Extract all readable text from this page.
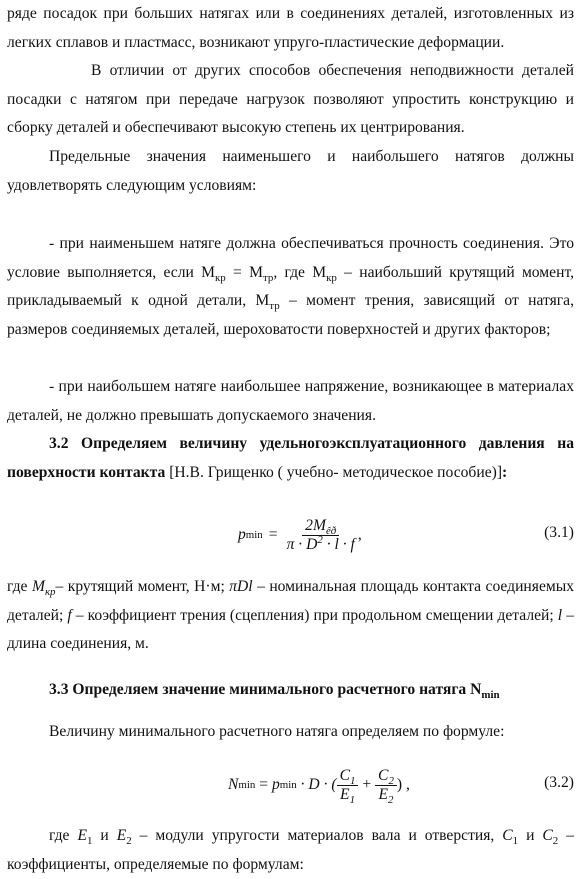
ряде посадок при больших натягах или в соединениях деталей, изготовленных из легких сплавов и пластмасс, возникают упруго-пластические деформации.

В отличии от других способов обеспечения неподвижности деталей посадки с натягом при передаче нагрузок позволяют упростить конструкцию и сборку деталей и обеспечивают высокую степень их центрирования.

Предельные значения наименьшего и наибольшего натягов должны удовлетворять следующим условиям:

- при наименьшем натяге должна обеспечиваться прочность соединения. Это условие выполняется, если $М_{кр} = М_{тр}$, где $М_{кр}$ – наибольший крутящий момент, прикладываемый к одной детали, $М_{тр}$ – момент трения, зависящий от натяга, размеров соединяемых деталей, шероховатости поверхностей и других факторов;

- при наибольшем натяге наибольшее напряжение, возникающее в материалах деталей, не должно превышать допускаемого значения.

3.2 Определяем величину удельногоэксплуатационного давления на поверхности контакта [Н.В. Грищенко ( учебно- методическое пособие)]:

p $\min = \frac{2M_{êð}}{\pi \cdot D^2 \cdot l \cdot f}$ ,	(3.1)

где $M_{кр}-$ крутящий момент, Н·м; πDl – номинальная площадь контакта соединяемых деталей; f – коэффициент трения (сцепления) при продольном смещении деталей; l – длина соединения, м.

3.3 Определяем значение минимального расчетного натяга $N_{min}$

Величину минимального расчетного натяга определяем по формуле:

N min = p min · D · ( $\frac{C_1}{E_1} + \frac{C_2}{E_2}$ ) ,	(3.2)

где $E_1$ и $E_2$ – модули упругости материалов вала и отверстия, $C_1$ и $C_2$ – коэффициенты, определяемые по формулам:
